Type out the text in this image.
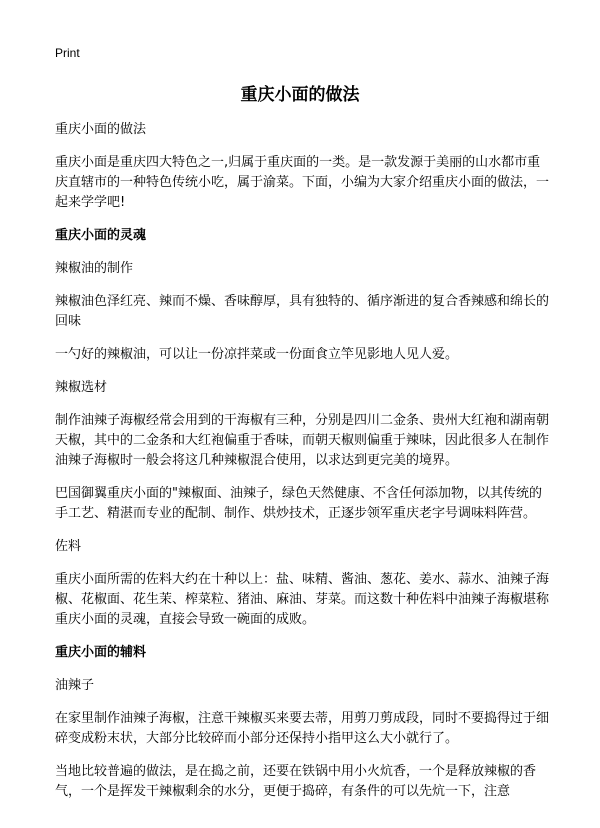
Print
重庆小面的做法

重庆小面的做法

重庆小面是重庆四大特色之一,归属于重庆面的一类。是一款发源于美丽的山水都市重庆直辖市的一种特色传统小吃，属于渝菜。下面，小编为大家介绍重庆小面的做法，一起来学学吧!

重庆小面的灵魂

辣椒油的制作

辣椒油色泽红亮、辣而不燥、香味醇厚，具有独特的、循序渐进的复合香辣感和绵长的回味

一勺好的辣椒油，可以让一份凉拌菜或一份面食立竿见影地人见人爱。

辣椒选材

制作油辣子海椒经常会用到的干海椒有三种，分别是四川二金条、贵州大红袍和湖南朝天椒，其中的二金条和大红袍偏重于香味，而朝天椒则偏重于辣味，因此很多人在制作油辣子海椒时一般会将这几种辣椒混合使用，以求达到更完美的境界。

巴国御翼重庆小面的"辣椒面、油辣子，绿色天然健康、不含任何添加物，以其传统的手工艺、精湛而专业的配制、制作、烘炒技术，正逐步领军重庆老字号调味料阵营。

佐料

重庆小面所需的佐料大约在十种以上：盐、味精、酱油、葱花、姜水、蒜水、油辣子海椒、花椒面、花生茉、榨菜粒、猪油、麻油、芽菜。而这数十种佐料中油辣子海椒堪称重庆小面的灵魂，直接会导致一碗面的成败。

重庆小面的辅料

油辣子

在家里制作油辣子海椒，注意干辣椒买来要去蒂，用剪刀剪成段，同时不要捣得过于细碎变成粉末状，大部分比较碎而小部分还保持小指甲这么大小就行了。

当地比较普遍的做法，是在捣之前，还要在铁锅中用小火炕香，一个是释放辣椒的香气，一个是挥发干辣椒剩余的水分，更便于捣碎，有条件的可以先炕一下，注意
